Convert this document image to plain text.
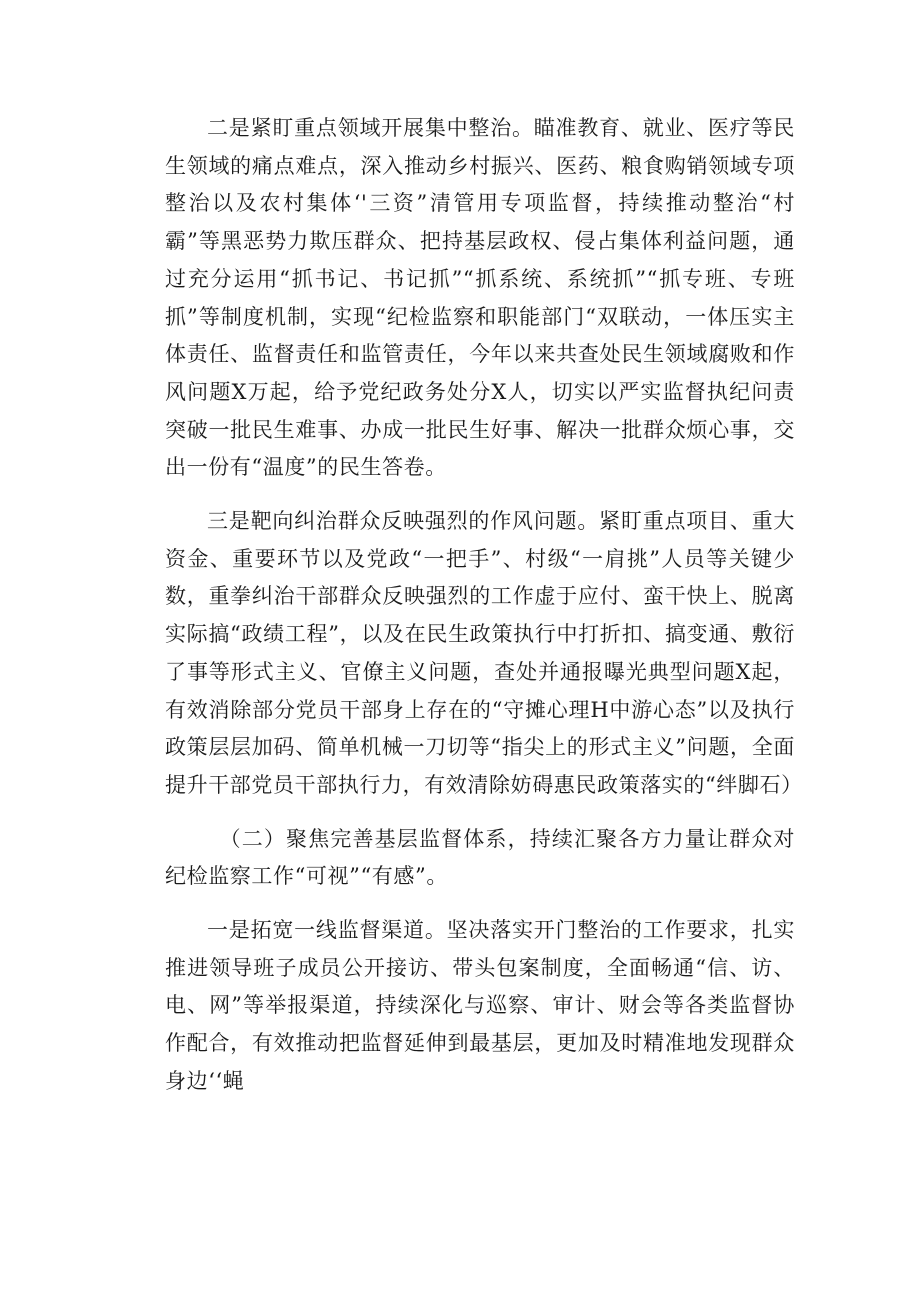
二是紧盯重点领域开展集中整治。瞄准教育、就业、医疗等民生领域的痛点难点，深入推动乡村振兴、医药、粮食购销领域专项整治以及农村集体‘'三资”清管用专项监督，持续推动整治“村霸”等黑恶势力欺压群众、把持基层政权、侵占集体利益问题，通过充分运用“抓书记、书记抓”“抓系统、系统抓”“抓专班、专班抓”等制度机制，实现“纪检监察和职能部门“双联动，一体压实主体责任、监督责任和监管责任，今年以来共查处民生领域腐败和作风问题X万起，给予党纪政务处分X人，切实以严实监督执纪问责突破一批民生难事、办成一批民生好事、解决一批群众烦心事，交出一份有“温度”的民生答卷。

三是靶向纠治群众反映强烈的作风问题。紧盯重点项目、重大资金、重要环节以及党政“一把手”、村级“一肩挑”人员等关键少数，重拳纠治干部群众反映强烈的工作虚于应付、蛮干快上、脱离实际搞“政绩工程”，以及在民生政策执行中打折扣、搞变通、敷衍了事等形式主义、官僚主义问题，查处并通报曝光典型问题X起，有效消除部分党员干部身上存在的“守摊心理H中游心态”以及执行政策层层加码、简单机械一刀切等“指尖上的形式主义”问题，全面提升干部党员干部执行力，有效清除妨碍惠民政策落实的“绊脚石）

（二）聚焦完善基层监督体系，持续汇聚各方力量让群众对纪检监察工作“可视”“有感”。

一是拓宽一线监督渠道。坚决落实开门整治的工作要求，扎实推进领导班子成员公开接访、带头包案制度，全面畅通“信、访、电、网”等举报渠道，持续深化与巡察、审计、财会等各类监督协作配合，有效推动把监督延伸到最基层，更加及时精准地发现群众身边‘‘蝇
